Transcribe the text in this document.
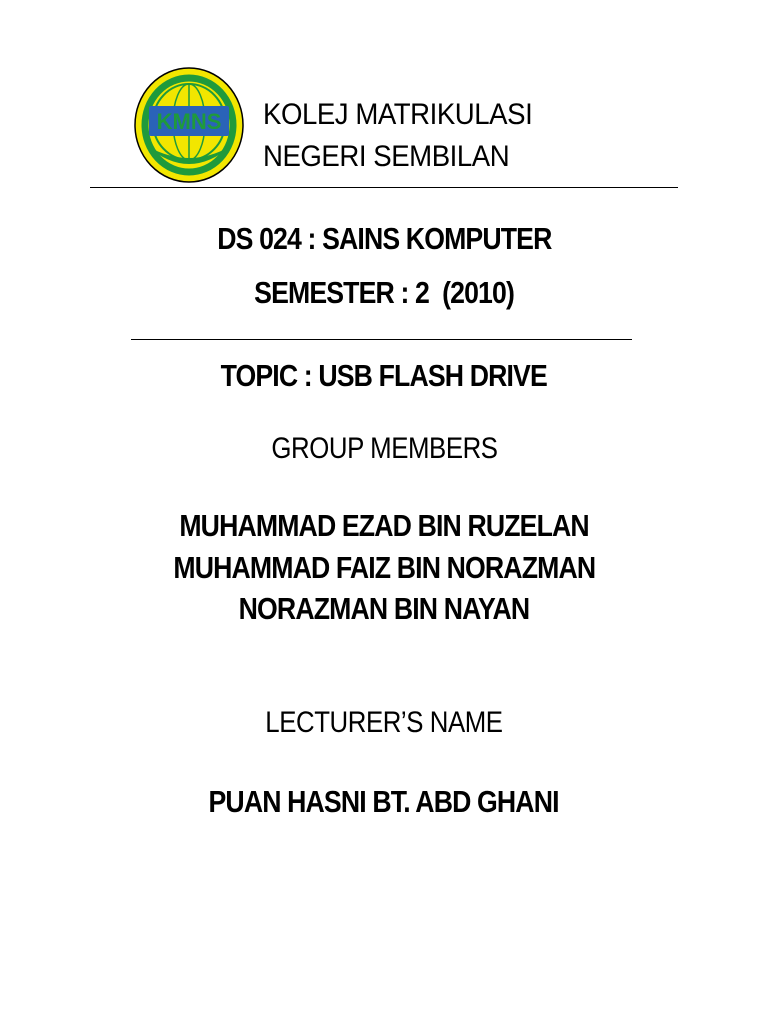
KMNS KOLEJ MATRIKULASI
NEGERI SEMBILAN
DS 024 : SAINS KOMPUTER
SEMESTER : 2  (2010)
TOPIC : USB FLASH DRIVE
GROUP MEMBERS
MUHAMMAD EZAD BIN RUZELAN
MUHAMMAD FAIZ BIN NORAZMAN
NORAZMAN BIN NAYAN
LECTURER’S NAME
PUAN HASNI BT. ABD GHANI
